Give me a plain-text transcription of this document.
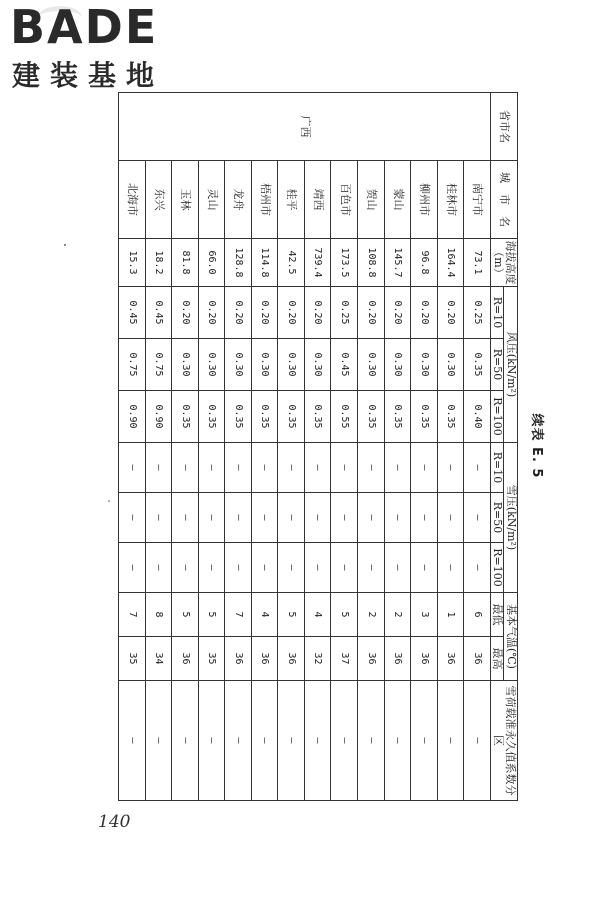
BADE
建装基地
续表 E. 5
省市名	城　市　名	海拔高度（m）	风压(kN/m²)			雪压(kN/m²)			基本气温(℃)		雪荷载准永久值系数分区
			R=10	R=50	R=100	R=10	R=50	R=100	最低	最高	
广西	南宁市	73.1	0.25	0.35	0.40	—	—	—	6	36	—
	桂林市	164.4	0.20	0.30	0.35	—	—	—	1	36	—
	柳州市	96.8	0.20	0.30	0.35	—	—	—	3	36	—
	蒙山	145.7	0.20	0.30	0.35	—	—	—	2	36	—
	贺山	108.8	0.20	0.30	0.35	—	—	—	2	36	—
	百色市	173.5	0.25	0.45	0.55	—	—	—	5	37	—
	靖西	739.4	0.20	0.30	0.35	—	—	—	4	32	—
	桂平	42.5	0.20	0.30	0.35	—	—	—	5	36	—
	梧州市	114.8	0.20	0.30	0.35	—	—	—	4	36	—
	龙舟	128.8	0.20	0.30	0.35	—	—	—	7	36	—
	灵山	66.0	0.20	0.30	0.35	—	—	—	5	35	—
	玉林	81.8	0.20	0.30	0.35	—	—	—	5	36	—
	东兴	18.2	0.45	0.75	0.90	—	—	—	8	34	—
	北海市	15.3	0.45	0.75	0.90	—	—	—	7	35	—
140
